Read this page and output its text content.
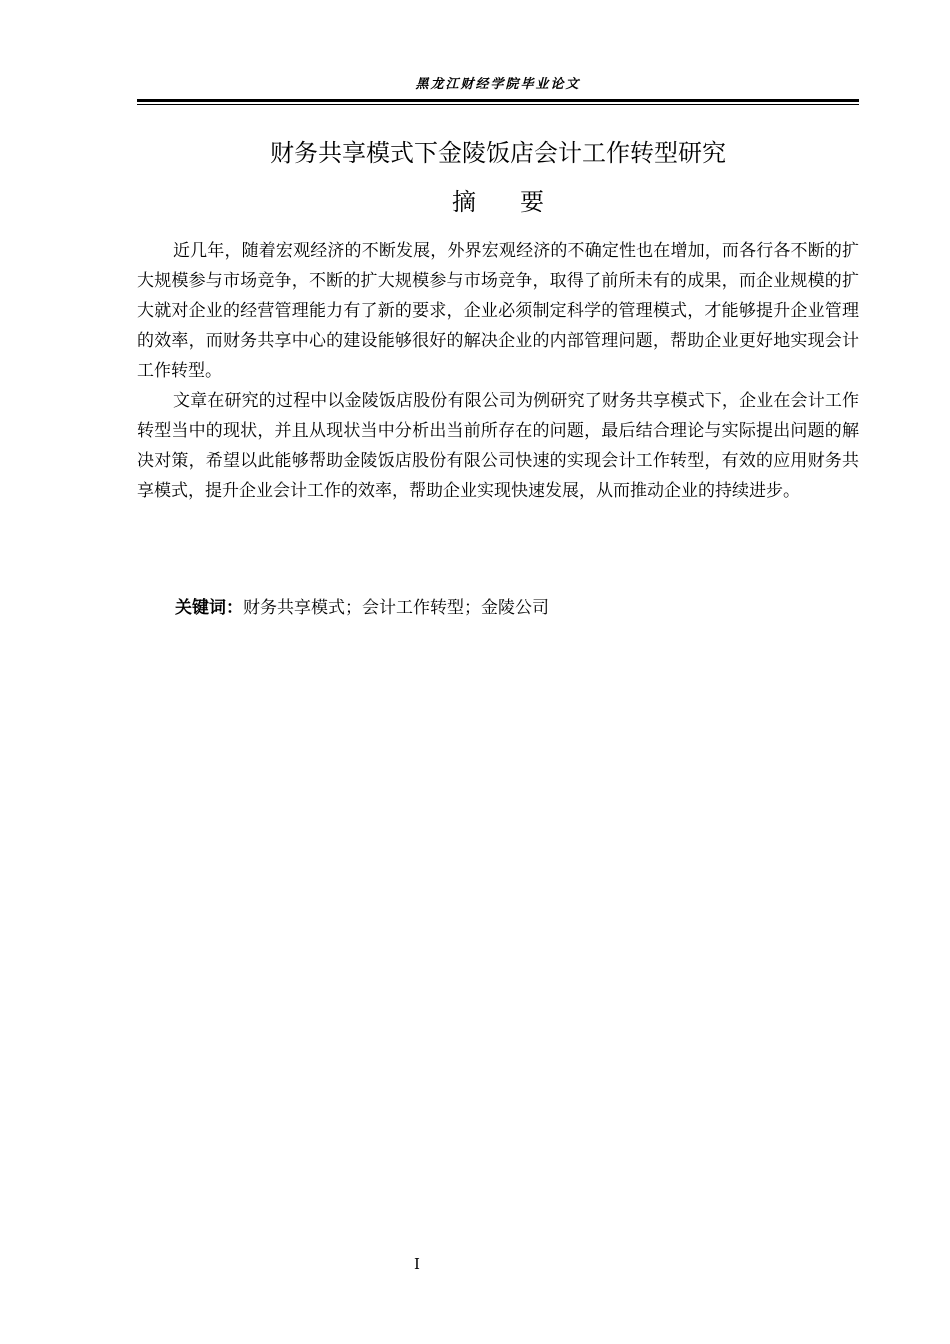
黑龙江财经学院毕业论文
财务共享模式下金陵饭店会计工作转型研究
摘要

近几年，随着宏观经济的不断发展，外界宏观经济的不确定性也在增加，而各行各不断的扩大规模参与市场竞争，不断的扩大规模参与市场竞争，取得了前所未有的成果，而企业规模的扩大就对企业的经营管理能力有了新的要求，企业必须制定科学的管理模式，才能够提升企业管理的效率，而财务共享中心的建设能够很好的解决企业的内部管理问题，帮助企业更好地实现会计工作转型。

文章在研究的过程中以金陵饭店股份有限公司为例研究了财务共享模式下，企业在会计工作转型当中的现状，并且从现状当中分析出当前所存在的问题，最后结合理论与实际提出问题的解决对策，希望以此能够帮助金陵饭店股份有限公司快速的实现会计工作转型，有效的应用财务共享模式，提升企业会计工作的效率，帮助企业实现快速发展，从而推动企业的持续进步。

关键词：财务共享模式；会计工作转型；金陵公司
I
